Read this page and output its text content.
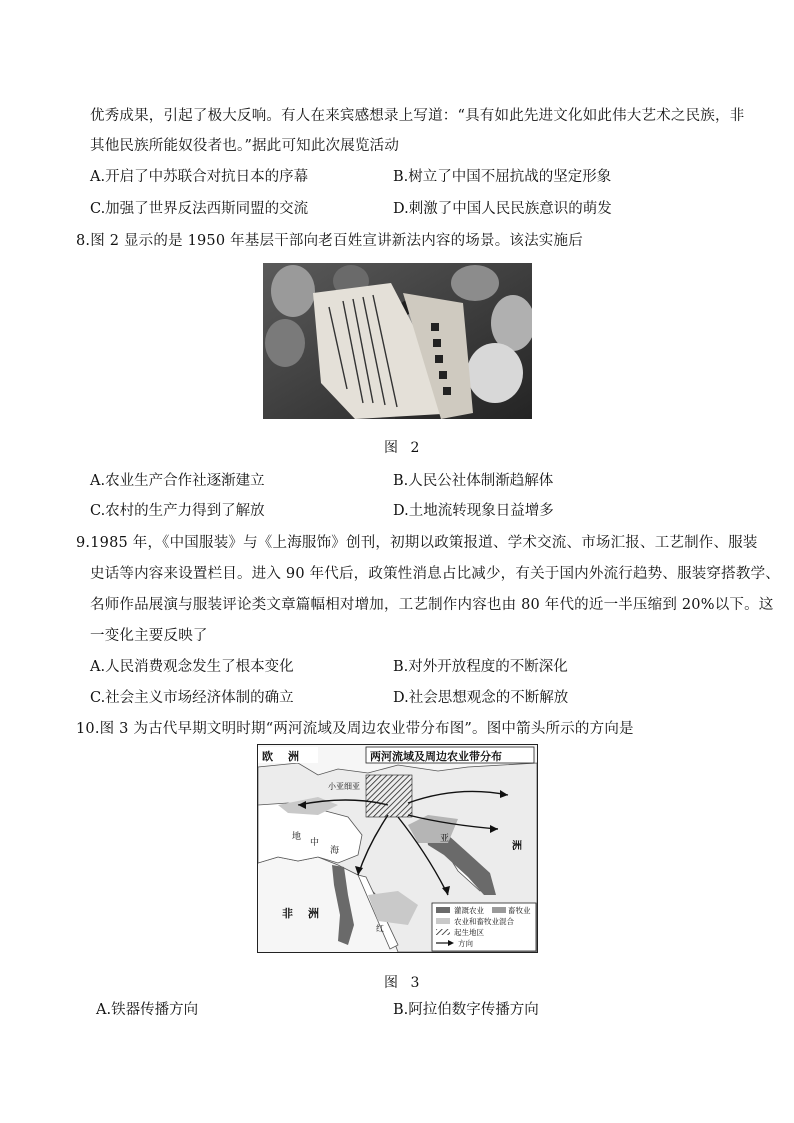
优秀成果，引起了极大反响。有人在来宾感想录上写道：“具有如此先进文化如此伟大艺术之民族，非
其他民族所能奴役者也。”据此可知此次展览活动
A.开启了中苏联合对抗日本的序幕	B.树立了中国不屈抗战的坚定形象
C.加强了世界反法西斯同盟的交流	D.刺激了中国人民民族意识的萌发
8.图 2 显示的是 1950 年基层干部向老百姓宣讲新法内容的场景。该法实施后
图 2
A.农业生产合作社逐渐建立	B.人民公社体制渐趋解体
C.农村的生产力得到了解放	D.土地流转现象日益增多
9.1985 年，《中国服装》与《上海服饰》创刊，初期以政策报道、学术交流、市场汇报、工艺制作、服装
史话等内容来设置栏目。进入 90 年代后，政策性消息占比减少，有关于国内外流行趋势、服装穿搭教学、
名师作品展演与服装评论类文章篇幅相对增加，工艺制作内容也由 80 年代的近一半压缩到 20%以下。这
一变化主要反映了
A.人民消费观念发生了根本变化	B.对外开放程度的不断深化
C.社会主义市场经济体制的确立	D.社会思想观念的不断解放
10.图 3 为古代早期文明时期“两河流域及周边农业带分布图”。图中箭头所示的方向是
欧　洲	两河流域及周边农业带分布
小亚细亚
地
中
海
亚
洲
红
非　洲	灌溉农业	畜牧业
农业和畜牧业混合
起生地区
方向
图 3
A.铁器传播方向	B.阿拉伯数字传播方向
